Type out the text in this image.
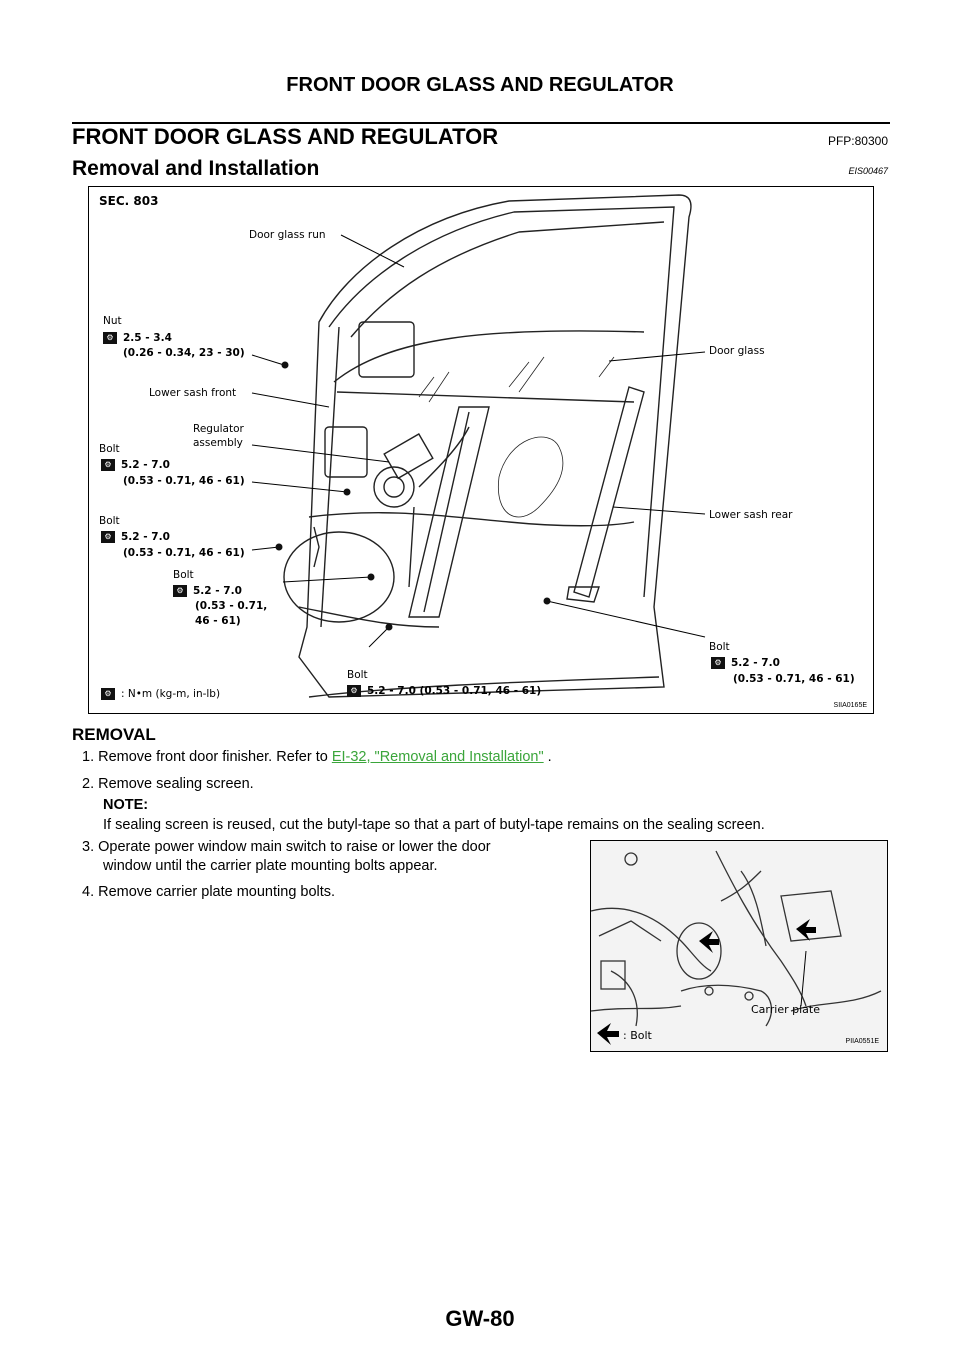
FRONT DOOR GLASS AND REGULATOR
FRONT DOOR GLASS AND REGULATOR	PFP:80300
Removal and Installation	EIS00467
SEC. 803
Door glass run
Nut
⚙ 2.5 - 3.4
(0.26 - 0.34, 23 - 30)
Lower sash front
Regulator
assembly
Bolt
⚙ 5.2 - 7.0
(0.53 - 0.71, 46 - 61)
Bolt
⚙ 5.2 - 7.0
(0.53 - 0.71, 46 - 61)
Bolt
⚙ 5.2 - 7.0
(0.53 - 0.71,
46 - 61)
Bolt
⚙ 5.2 - 7.0 (0.53 - 0.71, 46 - 61)
Door glass
Lower sash rear
Bolt
⚙ 5.2 - 7.0
(0.53 - 0.71, 46 - 61)
⚙ : N•m (kg-m, in-lb)
SIIA0165E
REMOVAL
1. Remove front door finisher. Refer to EI-32, "Removal and Installation" .
2. Remove sealing screen.
NOTE:
If sealing screen is reused, cut the butyl-tape so that a part of butyl-tape remains on the sealing screen.
3. Operate power window main switch to raise or lower the door
window until the carrier plate mounting bolts appear.
4. Remove carrier plate mounting bolts.
Carrier plate
: Bolt	PIIA0551E
GW-80
